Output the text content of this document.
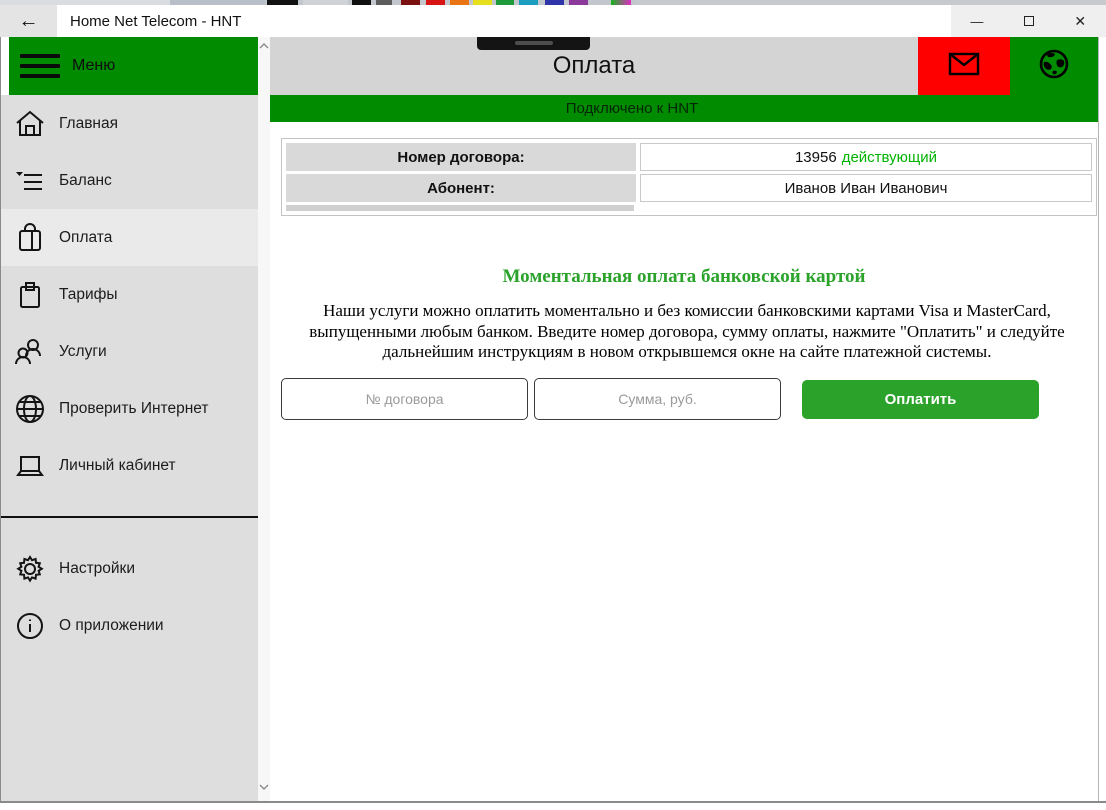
← Home Net Telecom - HNT	—	✕
Меню
Главная
Баланс
Оплата
Тарифы
Услуги
Проверить Интернет
Личный кабинет
Настройки
О приложении
Оплата
Подключено к HNT
Номер договора:	13956 действующий
Абонент:	Иванов Иван Иванович
Моментальная оплата банковской картой
Наши услуги можно оплатить моментально и без комиссии банковскими картами Visa и MasterCard, выпущенными любым банком. Введите номер договора, сумму оплаты, нажмите "Оплатить" и следуйте дальнейшим инструкциям в новом открывшемся окне на сайте платежной системы.
№ договора
Сумма, руб.
Оплатить
